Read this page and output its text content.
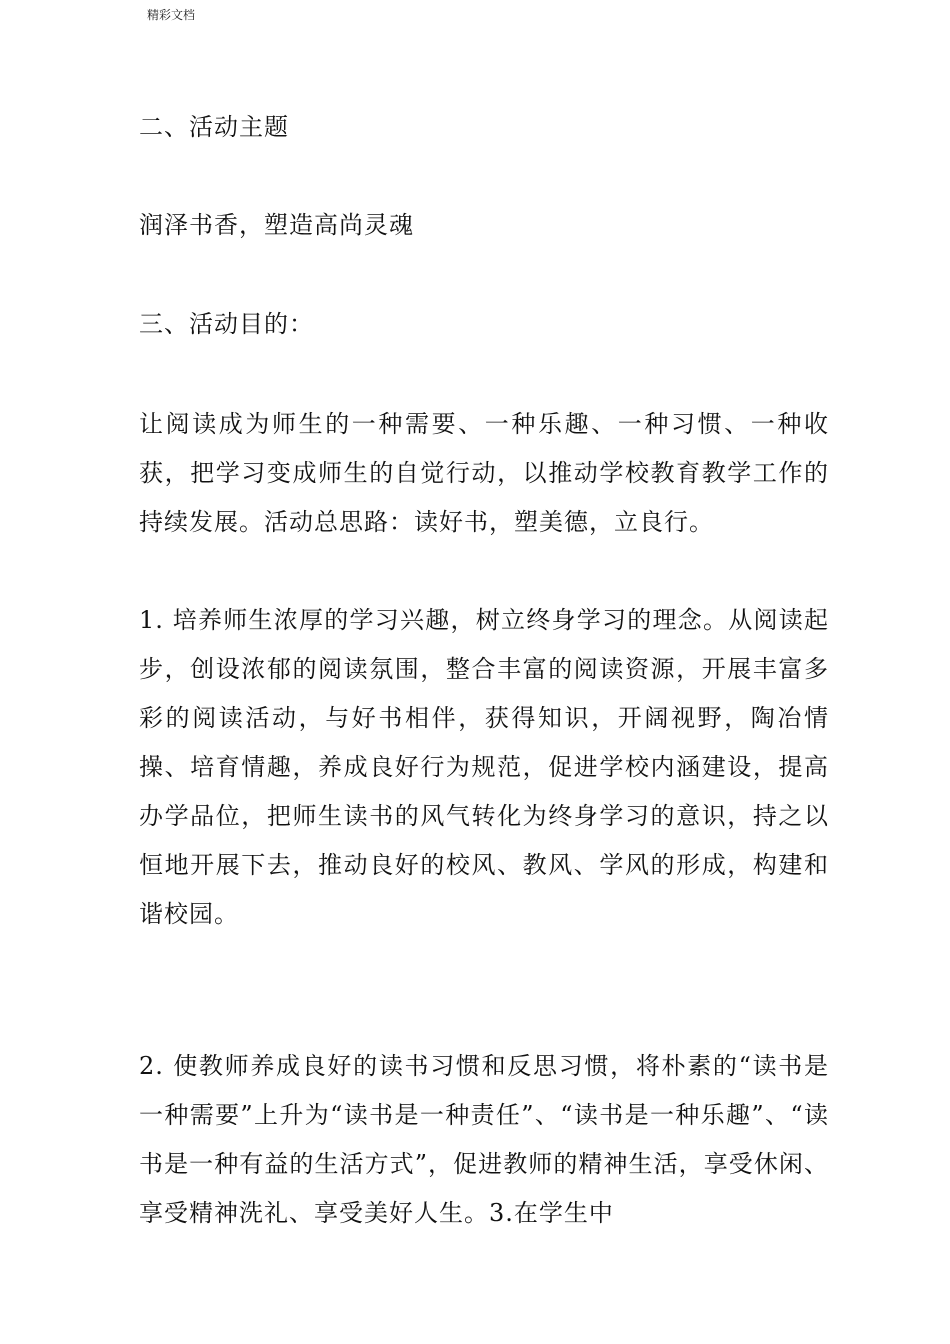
精彩文档
二、活动主题
润泽书香，塑造高尚灵魂
三、活动目的：
让阅读成为师生的一种需要、一种乐趣、一种习惯、一种收获，把学习变成师生的自觉行动，以推动学校教育教学工作的持续发展。活动总思路：读好书，塑美德，立良行。
1. 培养师生浓厚的学习兴趣，树立终身学习的理念。从阅读起步，创设浓郁的阅读氛围，整合丰富的阅读资源，开展丰富多彩的阅读活动，与好书相伴，获得知识，开阔视野，陶冶情操、培育情趣，养成良好行为规范，促进学校内涵建设，提高办学品位，把师生读书的风气转化为终身学习的意识，持之以恒地开展下去，推动良好的校风、教风、学风的形成，构建和谐校园。
2. 使教师养成良好的读书习惯和反思习惯，将朴素的“读书是一种需要”上升为“读书是一种责任”、“读书是一种乐趣”、“读书是一种有益的生活方式”，促进教师的精神生活，享受休闲、享受精神洗礼、享受美好人生。3.在学生中
